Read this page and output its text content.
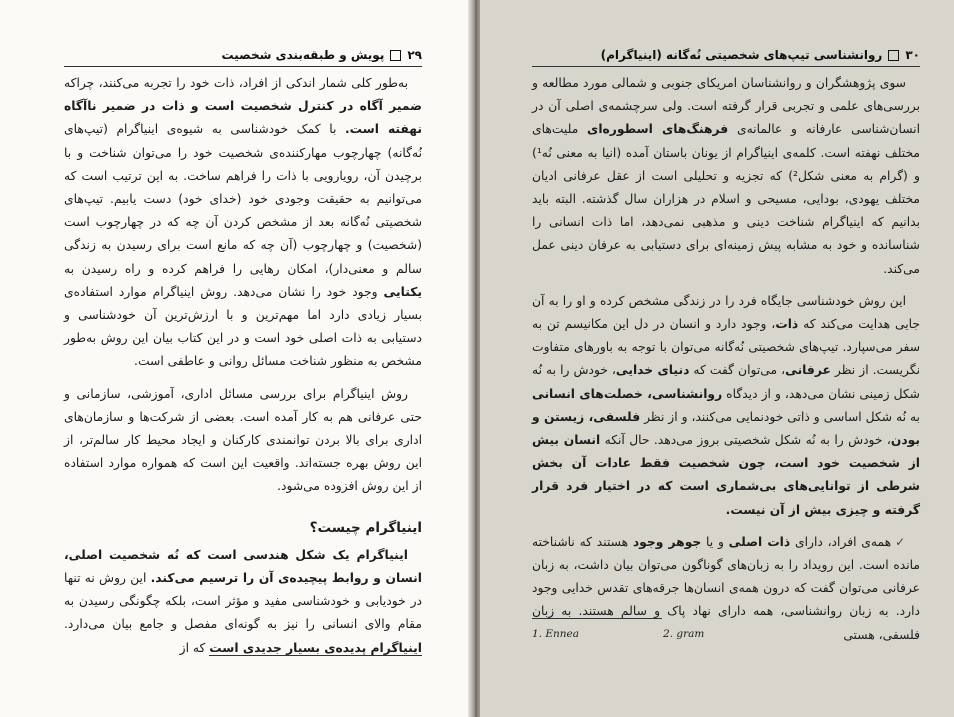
۲۹
پویش و طبقه‌بندی شخصیت

به‌طور کلی شمار اندکی از افراد، ذات خود را تجربه می‌کنند، چراکه ضمیر آگاه در کنترل شخصیت است و ذات در ضمیر ناآگاه نهفته است. با کمک خودشناسی به شیوه‌ی اینیاگرام (تیپ‌های نُه‌گانه) چهارچوب مهارکننده‌ی شخصیت خود را می‌توان شناخت و با برچیدن آن، رویارویی با ذات را فراهم ساخت. به این ترتیب است که می‌توانیم به حقیقت وجودی خود (خدای خود) دست یابیم. تیپ‌های شخصیتی نُه‌گانه بعد از مشخص کردن آن چه که در چهارچوب است (شخصیت) و چهارچوب (آن چه که مانع است برای رسیدن به زندگی سالم و معنی‌دار)، امکان رهایی را فراهم کرده و راه رسیدن به یکتایی وجود خود را نشان می‌دهد. روش اینیاگرام موارد استفاده‌ی بسیار زیادی دارد اما مهم‌ترین و با ارزش‌ترین آن خودشناسی و دستیابی به ذات اصلی خود است و در این کتاب بیان این روش به‌طور مشخص به منظور شناخت مسائل روانی و عاطفی است.

روش اینیاگرام برای بررسی مسائل اداری، آموزشی، سازمانی و حتی عرفانی هم به کار آمده است. بعضی از شرکت‌ها و سازمان‌های اداری برای بالا بردن توانمندی کارکنان و ایجاد محیط کار سالم‌تر، از این روش بهره جسته‌اند. واقعیت این است که همواره موارد استفاده از این روش افزوده می‌شود.

اینیاگرام چیست؟

اینیاگرام یک شکل هندسی است که نُه شخصیت اصلی، انسان و روابط پیچیده‌ی آن را ترسیم می‌کند. این روش نه تنها در خودیابی و خودشناسی مفید و مؤثر است، بلکه چگونگی رسیدن به مقام والای انسانی را نیز به گونه‌ای مفصل و جامع بیان می‌دارد. اینیاگرام پدیده‌ی بسیار جدیدی است که از

۳۰
روانشناسی تیپ‌های شخصیتی نُه‌گانه (اینیاگرام)

سوی پژوهشگران و روانشناسان امریکای جنوبی و شمالی مورد مطالعه و بررسی‌های علمی و تجربی قرار گرفته است. ولی سرچشمه‌ی اصلی آن در انسان‌شناسی عارفانه و عالمانه‌ی فرهنگ‌های اسطوره‌ای ملیت‌های مختلف نهفته است. کلمه‌ی اینیاگرام از یونان باستان آمده (انیا به معنی نُه¹) و (گرام به معنی شکل²) که تجزیه و تحلیلی است از عقل عرفانی ادیان مختلف یهودی، بودایی، مسیحی و اسلام در هزاران سال گذشته. البته باید بدانیم که اینیاگرام شناخت دینی و مذهبی نمی‌دهد، اما ذات انسانی را شناسانده و خود به مشابه پیش زمینه‌ای برای دستیابی به عرفان دینی عمل می‌کند.

این روش خودشناسی جایگاه فرد را در زندگی مشخص کرده و او را به آن جایی هدایت می‌کند که ذات، وجود دارد و انسان در دل این مکانیسم تن به سفر می‌سپارد. تیپ‌های شخصیتی نُه‌گانه می‌توان با توجه به باورهای متفاوت نگریست. از نظر عرفانی، می‌توان گفت که دنیای خدایی، خودش را به نُه شکل زمینی نشان می‌دهد، و از دیدگاه روانشناسی، خصلت‌های انسانی به نُه شکل اساسی و ذاتی خودنمایی می‌کنند، و از نظر فلسفی، زیستن و بودن، خودش را به نُه شکل شخصیتی بروز می‌دهد. حال آنکه انسان بیش از شخصیت خود است، چون شخصیت فقط عادات آن بخش شرطی از توانایی‌های بی‌شماری است که در اختیار فرد قرار گرفته و چیزی بیش از آن نیست.

✓همه‌ی افراد، دارای ذات اصلی و یا جوهر وجود هستند که ناشناخته مانده است. این رویداد را به زبان‌های گوناگون می‌توان بیان داشت، به زبان عرفانی می‌توان گفت که درون همه‌ی انسان‌ها جرقه‌های تقدس خدایی وجود دارد. به زبان روانشناسی، همه دارای نهاد پاک و سالم هستند. به زبان فلسفی، هستی

1. Ennea	2. gram
